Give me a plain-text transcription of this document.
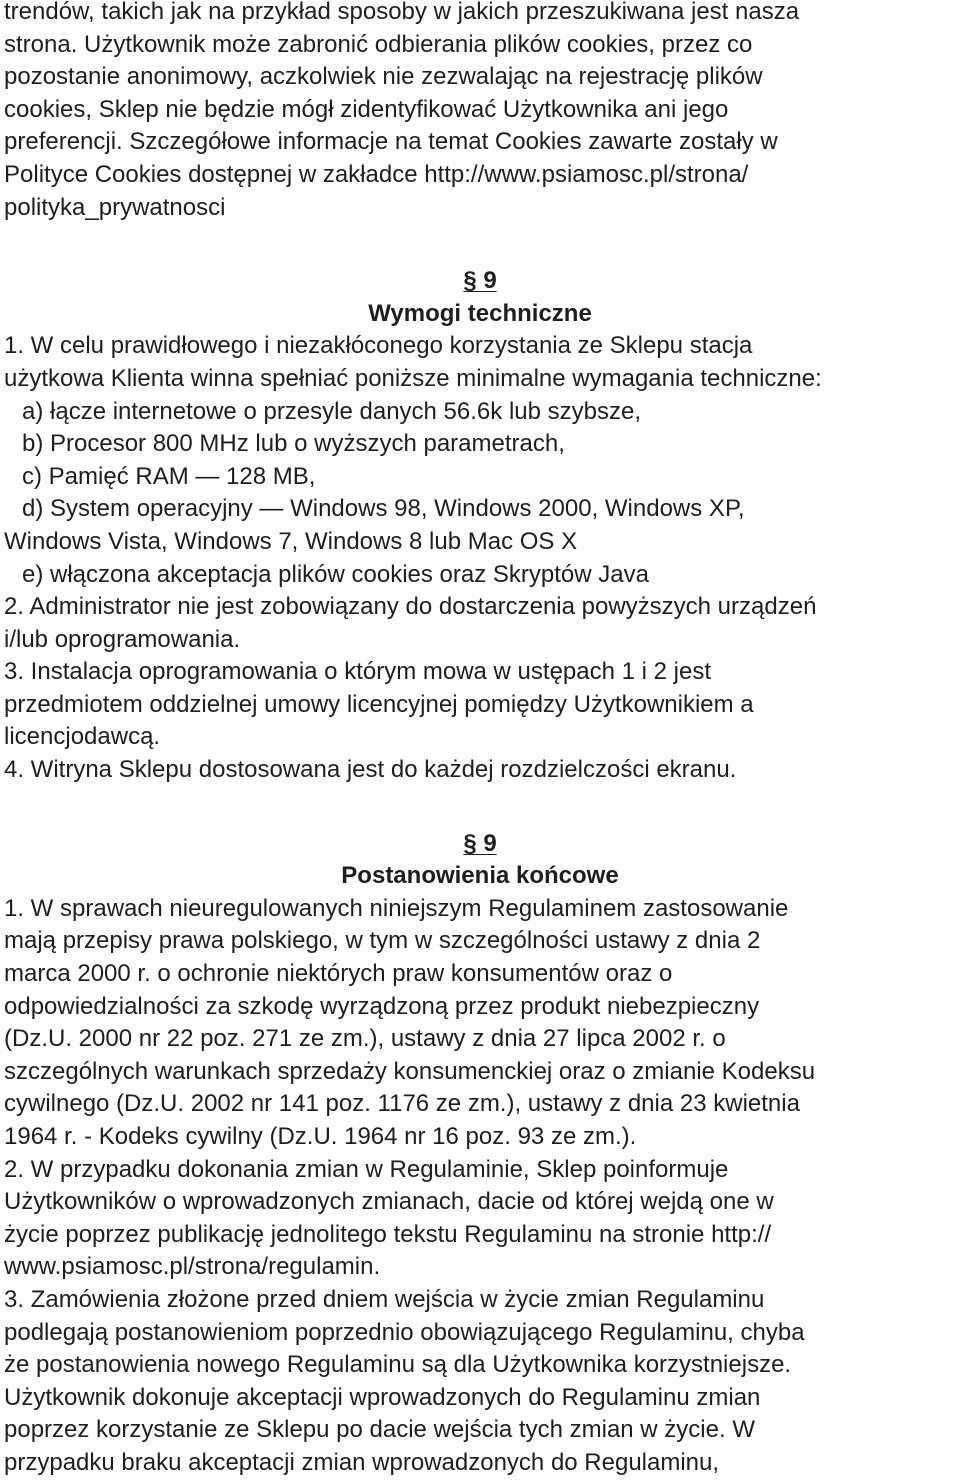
trendów, takich jak na przykład sposoby w jakich przeszukiwana jest nasza
strona. Użytkownik może zabronić odbierania plików cookies, przez co
pozostanie anonimowy, aczkolwiek nie zezwalając na rejestrację plików
cookies, Sklep nie będzie mógł zidentyfikować Użytkownika ani jego
preferencji. Szczegółowe informacje na temat Cookies zawarte zostały w
Polityce Cookies dostępnej w zakładce http://www.psiamosc.pl/strona/
polityka_prywatnosci
§ 9
Wymogi techniczne
1. W celu prawidłowego i niezakłóconego korzystania ze Sklepu stacja
użytkowa Klienta winna spełniać poniższe minimalne wymagania techniczne:
a) łącze internetowe o przesyle danych 56.6k lub szybsze,
b) Procesor 800 MHz lub o wyższych parametrach,
c) Pamięć RAM — 128 MB,
d) System operacyjny — Windows 98, Windows 2000, Windows XP,
Windows Vista, Windows 7, Windows 8 lub Mac OS X
e) włączona akceptacja plików cookies oraz Skryptów Java
2. Administrator nie jest zobowiązany do dostarczenia powyższych urządzeń
i/lub oprogramowania.
3. Instalacja oprogramowania o którym mowa w ustępach 1 i 2 jest
przedmiotem oddzielnej umowy licencyjnej pomiędzy Użytkownikiem a
licencjodawcą.
4. Witryna Sklepu dostosowana jest do każdej rozdzielczości ekranu.
§ 9
Postanowienia końcowe
1. W sprawach nieuregulowanych niniejszym Regulaminem zastosowanie
mają przepisy prawa polskiego, w tym w szczególności ustawy z dnia 2
marca 2000 r. o ochronie niektórych praw konsumentów oraz o
odpowiedzialności za szkodę wyrządzoną przez produkt niebezpieczny
(Dz.U. 2000 nr 22 poz. 271 ze zm.), ustawy z dnia 27 lipca 2002 r. o
szczególnych warunkach sprzedaży konsumenckiej oraz o zmianie Kodeksu
cywilnego (Dz.U. 2002 nr 141 poz. 1176 ze zm.), ustawy z dnia 23 kwietnia
1964 r. - Kodeks cywilny (Dz.U. 1964 nr 16 poz. 93 ze zm.).
2. W przypadku dokonania zmian w Regulaminie, Sklep poinformuje
Użytkowników o wprowadzonych zmianach, dacie od której wejdą one w
życie poprzez publikację jednolitego tekstu Regulaminu na stronie http://
www.psiamosc.pl/strona/regulamin.
3. Zamówienia złożone przed dniem wejścia w życie zmian Regulaminu
podlegają postanowieniom poprzednio obowiązującego Regulaminu, chyba
że postanowienia nowego Regulaminu są dla Użytkownika korzystniejsze.
Użytkownik dokonuje akceptacji wprowadzonych do Regulaminu zmian
poprzez korzystanie ze Sklepu po dacie wejścia tych zmian w życie. W
przypadku braku akceptacji zmian wprowadzonych do Regulaminu,
